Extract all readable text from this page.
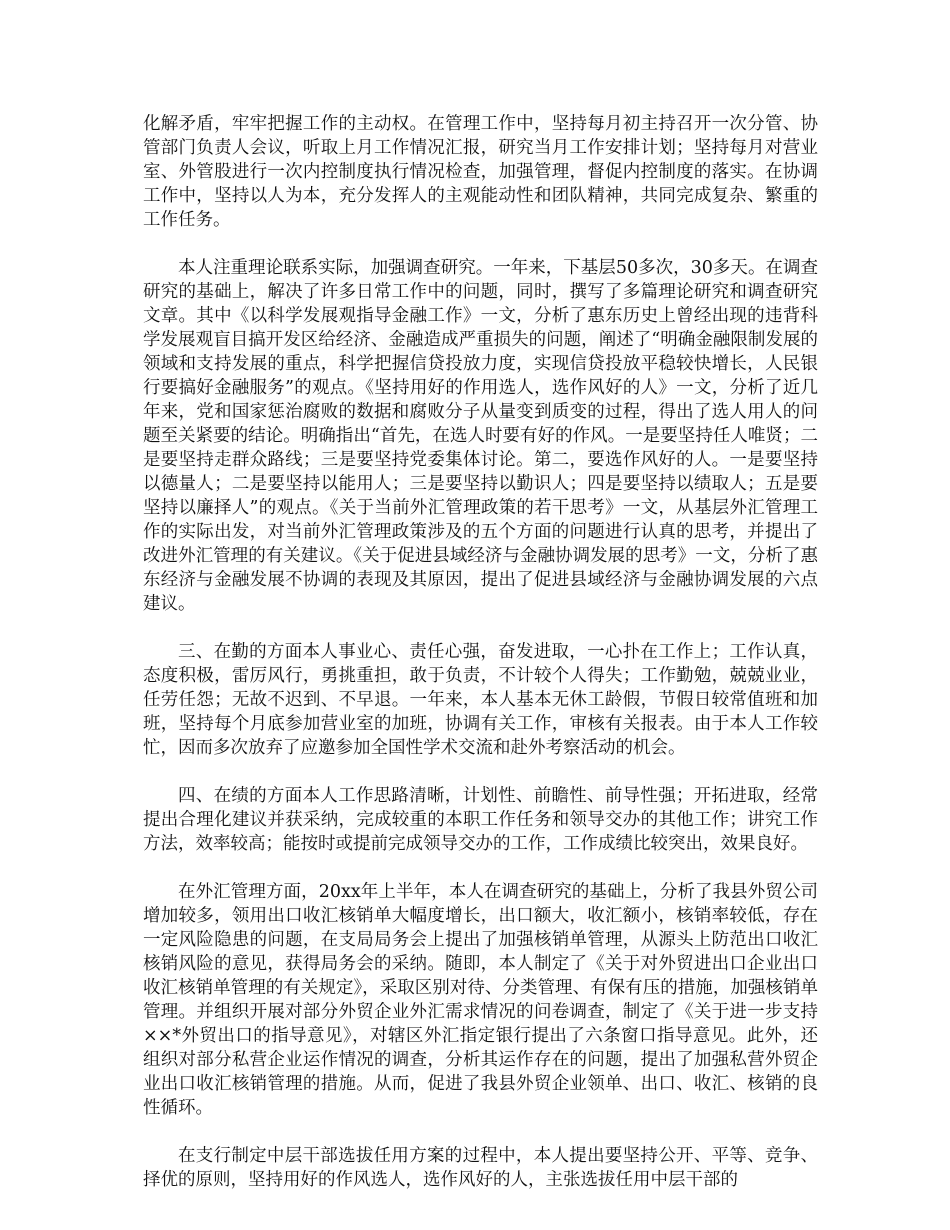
化解矛盾，牢牢把握工作的主动权。在管理工作中，坚持每月初主持召开一次分管、协管部门负责人会议，听取上月工作情况汇报，研究当月工作安排计划；坚持每月对营业室、外管股进行一次内控制度执行情况检查，加强管理，督促内控制度的落实。在协调工作中，坚持以人为本，充分发挥人的主观能动性和团队精神，共同完成复杂、繁重的工作任务。

本人注重理论联系实际，加强调查研究。一年来，下基层50多次，30多天。在调查研究的基础上，解决了许多日常工作中的问题，同时，撰写了多篇理论研究和调查研究文章。其中《以科学发展观指导金融工作》一文，分析了惠东历史上曾经出现的违背科学发展观盲目搞开发区给经济、金融造成严重损失的问题，阐述了“明确金融限制发展的领域和支持发展的重点，科学把握信贷投放力度，实现信贷投放平稳较快增长，人民银行要搞好金融服务”的观点。《坚持用好的作用选人，选作风好的人》一文，分析了近几年来，党和国家惩治腐败的数据和腐败分子从量变到质变的过程，得出了选人用人的问题至关紧要的结论。明确指出“首先，在选人时要有好的作风。一是要坚持任人唯贤；二是要坚持走群众路线；三是要坚持党委集体讨论。第二，要选作风好的人。一是要坚持以德量人；二是要坚持以能用人；三是要坚持以勤识人；四是要坚持以绩取人；五是要坚持以廉择人”的观点。《关于当前外汇管理政策的若干思考》一文，从基层外汇管理工作的实际出发，对当前外汇管理政策涉及的五个方面的问题进行认真的思考，并提出了改进外汇管理的有关建议。《关于促进县域经济与金融协调发展的思考》一文，分析了惠东经济与金融发展不协调的表现及其原因，提出了促进县域经济与金融协调发展的六点建议。

三、在勤的方面本人事业心、责任心强，奋发进取，一心扑在工作上；工作认真，态度积极，雷厉风行，勇挑重担，敢于负责，不计较个人得失；工作勤勉，兢兢业业，任劳任怨；无故不迟到、不早退。一年来，本人基本无休工龄假，节假日较常值班和加班，坚持每个月底参加营业室的加班，协调有关工作，审核有关报表。由于本人工作较忙，因而多次放弃了应邀参加全国性学术交流和赴外考察活动的机会。

四、在绩的方面本人工作思路清晰，计划性、前瞻性、前导性强；开拓进取，经常提出合理化建议并获采纳，完成较重的本职工作任务和领导交办的其他工作；讲究工作方法，效率较高；能按时或提前完成领导交办的工作，工作成绩比较突出，效果良好。

在外汇管理方面，20xx年上半年，本人在调查研究的基础上，分析了我县外贸公司增加较多，领用出口收汇核销单大幅度增长，出口额大，收汇额小，核销率较低，存在一定风险隐患的问题，在支局局务会上提出了加强核销单管理，从源头上防范出口收汇核销风险的意见，获得局务会的采纳。随即，本人制定了《关于对外贸进出口企业出口收汇核销单管理的有关规定》，采取区别对待、分类管理、有保有压的措施，加强核销单管理。并组织开展对部分外贸企业外汇需求情况的问卷调查，制定了《关于进一步支持××*外贸出口的指导意见》，对辖区外汇指定银行提出了六条窗口指导意见。此外，还组织对部分私营企业运作情况的调查，分析其运作存在的问题，提出了加强私营外贸企业出口收汇核销管理的措施。从而，促进了我县外贸企业领单、出口、收汇、核销的良性循环。

在支行制定中层干部选拔任用方案的过程中，本人提出要坚持公开、平等、竞争、择优的原则，坚持用好的作风选人，选作风好的人，主张选拔任用中层干部的
